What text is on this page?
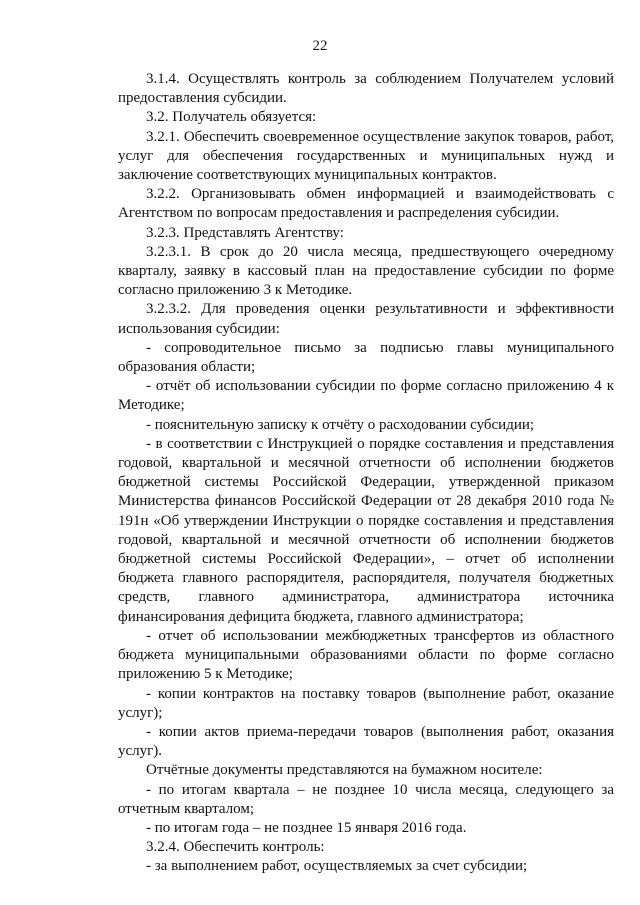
22

3.1.4. Осуществлять контроль за соблюдением Получателем условий предоставления субсидии.

3.2. Получатель обязуется:

3.2.1. Обеспечить своевременное осуществление закупок товаров, работ, услуг для обеспечения государственных и муниципальных нужд и заключение соответствующих муниципальных контрактов.

3.2.2. Организовывать обмен информацией и взаимодействовать с Агентством по вопросам предоставления и распределения субсидии.

3.2.3. Представлять Агентству:

3.2.3.1. В срок до 20 числа месяца, предшествующего очередному кварталу, заявку в кассовый план на предоставление субсидии по форме согласно приложению 3 к Методике.

3.2.3.2. Для проведения оценки результативности и эффективности использования субсидии:

- сопроводительное письмо за подписью главы муниципального образования области;

- отчёт об использовании субсидии по форме согласно приложению 4 к Методике;

- пояснительную записку к отчёту о расходовании субсидии;

- в соответствии с Инструкцией о порядке составления и представления годовой, квартальной и месячной отчетности об исполнении бюджетов бюджетной системы Российской Федерации, утвержденной приказом Министерства финансов Российской Федерации от 28 декабря 2010 года № 191н «Об утверждении Инструкции о порядке составления и представления годовой, квартальной и месячной отчетности об исполнении бюджетов бюджетной системы Российской Федерации», – отчет об исполнении бюджета главного распорядителя, распорядителя, получателя бюджетных средств, главного администратора, администратора источника финансирования дефицита бюджета, главного администратора;

- отчет об использовании межбюджетных трансфертов из областного бюджета муниципальными образованиями области по форме согласно приложению 5 к Методике;

- копии контрактов на поставку товаров (выполнение работ, оказание услуг);

- копии актов приема-передачи товаров (выполнения работ, оказания услуг).

Отчётные документы представляются на бумажном носителе:

- по итогам квартала – не позднее 10 числа месяца, следующего за отчетным кварталом;

- по итогам года – не позднее 15 января 2016 года.

3.2.4. Обеспечить контроль:

- за выполнением работ, осуществляемых за счет субсидии;
